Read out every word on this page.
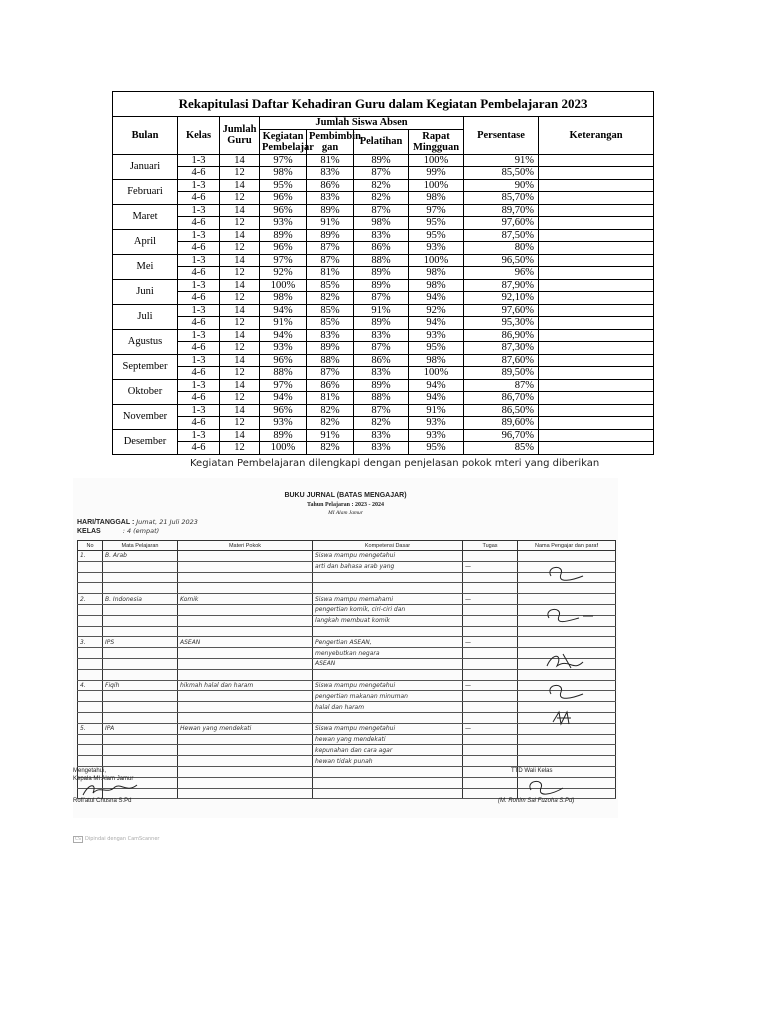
Rekapitulasi Daftar Kehadiran Guru dalam Kegiatan Pembelajaran 2023								
Bulan	Kelas	Jumlah Guru	Jumlah Siswa Absen				Persentase	Keterangan
			Kegiatan Pembelajar	Pembimbin gan	Pelatihan	Rapat Mingguan		
Januari	1-3	14	97%	81%	89%	100%	91%	
	4-6	12	98%	83%	87%	99%	85,50%	
Februari	1-3	14	95%	86%	82%	100%	90%	
	4-6	12	96%	83%	82%	98%	85,70%	
Maret	1-3	14	96%	89%	87%	97%	89,70%	
	4-6	12	93%	91%	98%	95%	97,60%	
April	1-3	14	89%	89%	83%	95%	87,50%	
	4-6	12	96%	87%	86%	93%	80%	
Mei	1-3	14	97%	87%	88%	100%	96,50%	
	4-6	12	92%	81%	89%	98%	96%	
Juni	1-3	14	100%	85%	89%	98%	87,90%	
	4-6	12	98%	82%	87%	94%	92,10%	
Juli	1-3	14	94%	85%	91%	92%	97,60%	
	4-6	12	91%	85%	89%	94%	95,30%	
Agustus	1-3	14	94%	83%	83%	93%	86,90%	
	4-6	12	93%	89%	87%	95%	87,30%	
September	1-3	14	96%	88%	86%	98%	87,60%	
	4-6	12	88%	87%	83%	100%	89,50%	
Oktober	1-3	14	97%	86%	89%	94%	87%	
	4-6	12	94%	81%	88%	94%	86,70%	
November	1-3	14	96%	82%	87%	91%	86,50%	
	4-6	12	93%	82%	82%	93%	89,60%	
Desember	1-3	14	89%	91%	83%	93%	96,70%	
	4-6	12	100%	82%	83%	95%	85%	
Kegiatan Pembelajaran dilengkapi dengan penjelasan pokok mteri yang diberikan
BUKU JURNAL (BATAS MENGAJAR)
Tahun Pelajaran : 2023 - 2024
MI Alam Jamur
HARI/TANGGAL : Jumat, 21 Juli 2023
KELAS	: 4 (empat)
No	Mata Pelajaran	Materi Pokok	Kompetensi Dasar	Tugas	Nama Pengajar dan paraf
1.	B. Arab		Siswa mampu mengetahui		
			arti dan bahasa arab yang	—	

2.	B. Indonesia	Komik	Siswa mampu memahami	—	
			pengertian komik, ciri-ciri dan		
			langkah membuat komik		

3.	IPS	ASEAN	Pengertian ASEAN,	—	
			menyebutkan negara		
			ASEAN		

4.	Fiqih	hikmah halal dan haram	Siswa mampu mengetahui	—	
			pengertian makanan minuman		
			halal dan haram		

5.	IPA	Hewan yang mendekati	Siswa mampu mengetahui	—	
			hewan yang mendekati		
			kepunahan dan cara agar		
			hewan tidak punah		

Mengetahui,
Kepala MI Alam Jamur
Rofi'atul Chusna S.Pd
TTD Wali Kelas
(M. Rohim Sai Fuzoha S.Pd)
CS Dipindai dengan CamScanner
